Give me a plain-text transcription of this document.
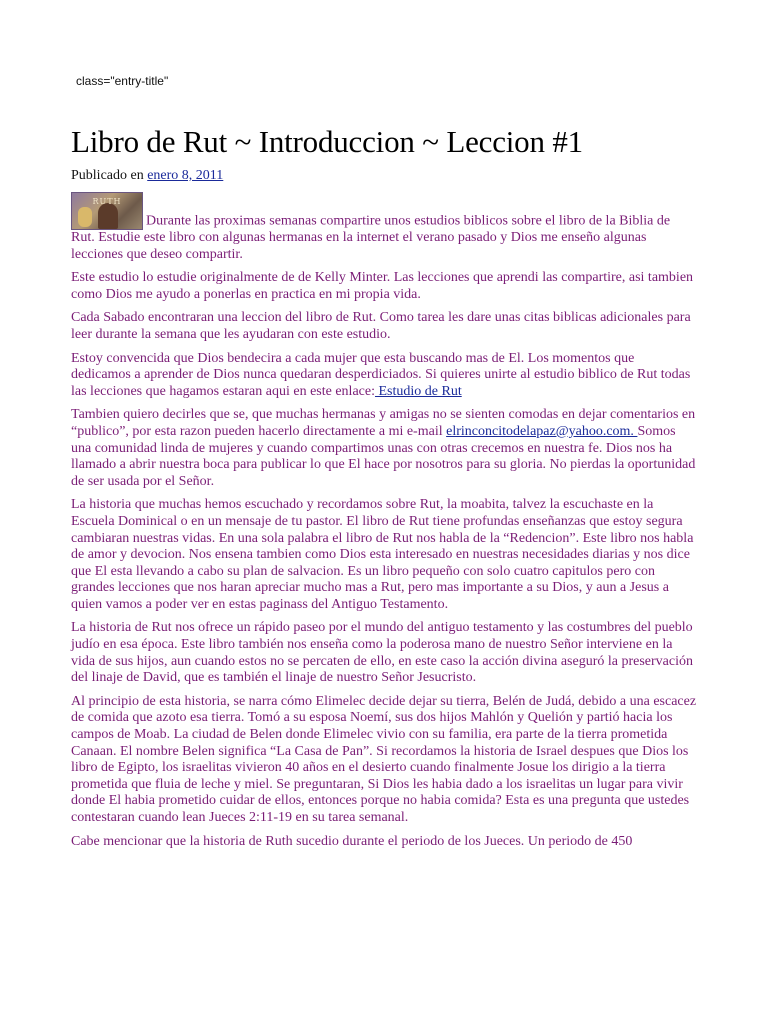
class="entry-title"

Libro de Rut ~ Introduccion ~ Leccion #1

Publicado en enero 8, 2011

RUTH
Durante las proximas semanas compartire unos estudios biblicos sobre el libro de la Biblia de Rut. Estudie este libro con algunas hermanas en la internet el verano pasado y Dios me enseño algunas lecciones que deseo compartir.

Este estudio lo estudie originalmente de de Kelly Minter. Las lecciones que aprendi las compartire, asi tambien como Dios me ayudo a ponerlas en practica en mi propia vida.

Cada Sabado encontraran una leccion del libro de Rut. Como tarea les dare unas citas biblicas adicionales para leer durante la semana que les ayudaran con este estudio.

Estoy convencida que Dios bendecira a cada mujer que esta buscando mas de El. Los momentos que dedicamos a aprender de Dios nunca quedaran desperdiciados. Si quieres unirte al estudio biblico de Rut todas las lecciones que hagamos estaran aqui en este enlace: Estudio de Rut

Tambien quiero decirles que se, que muchas hermanas y amigas no se sienten comodas en dejar comentarios en “publico”, por esta razon pueden hacerlo directamente a mi e-mail elrinconcitodelapaz@yahoo.com. Somos una comunidad linda de mujeres y cuando compartimos unas con otras crecemos en nuestra fe. Dios nos ha llamado a abrir nuestra boca para publicar lo que El hace por nosotros para su gloria. No pierdas la oportunidad de ser usada por el Señor.

La historia que muchas hemos escuchado y recordamos sobre Rut, la moabita, talvez la escuchaste en la Escuela Dominical o en un mensaje de tu pastor. El libro de Rut tiene profundas enseñanzas que estoy segura cambiaran nuestras vidas. En una sola palabra el libro de Rut nos habla de la “Redencion”. Este libro nos habla de amor y devocion. Nos ensena tambien como Dios esta interesado en nuestras necesidades diarias y nos dice que El esta llevando a cabo su plan de salvacion. Es un libro pequeño con solo cuatro capitulos pero con grandes lecciones que nos haran apreciar mucho mas a Rut, pero mas importante a su Dios, y aun a Jesus a quien vamos a poder ver en estas paginass del Antiguo Testamento.

La historia de Rut nos ofrece un rápido paseo por el mundo del antiguo testamento y las costumbres del pueblo judío en esa época. Este libro también nos enseña como la poderosa mano de nuestro Señor interviene en la vida de sus hijos, aun cuando estos no se percaten de ello, en este caso la acción divina aseguró la preservación del linaje de David, que es también el linaje de nuestro Señor Jesucristo.

Al principio de esta historia, se narra cómo Elimelec decide dejar su tierra, Belén de Judá, debido a una escacez de comida que azoto esa tierra. Tomó a su esposa Noemí, sus dos hijos Mahlón y Quelión y partió hacia los campos de Moab. La ciudad de Belen donde Elimelec vivio con su familia, era parte de la tierra prometida Canaan. El nombre Belen significa “La Casa de Pan”. Si recordamos la historia de Israel despues que Dios los libro de Egipto, los israelitas vivieron 40 años en el desierto cuando finalmente Josue los dirigio a la tierra prometida que fluia de leche y miel. Se preguntaran, Si Dios les habia dado a los israelitas un lugar para vivir donde El habia prometido cuidar de ellos, entonces porque no habia comida? Esta es una pregunta que ustedes contestaran cuando lean Jueces 2:11-19 en su tarea semanal.

Cabe mencionar que la historia de Ruth sucedio durante el periodo de los Jueces. Un periodo de 450
